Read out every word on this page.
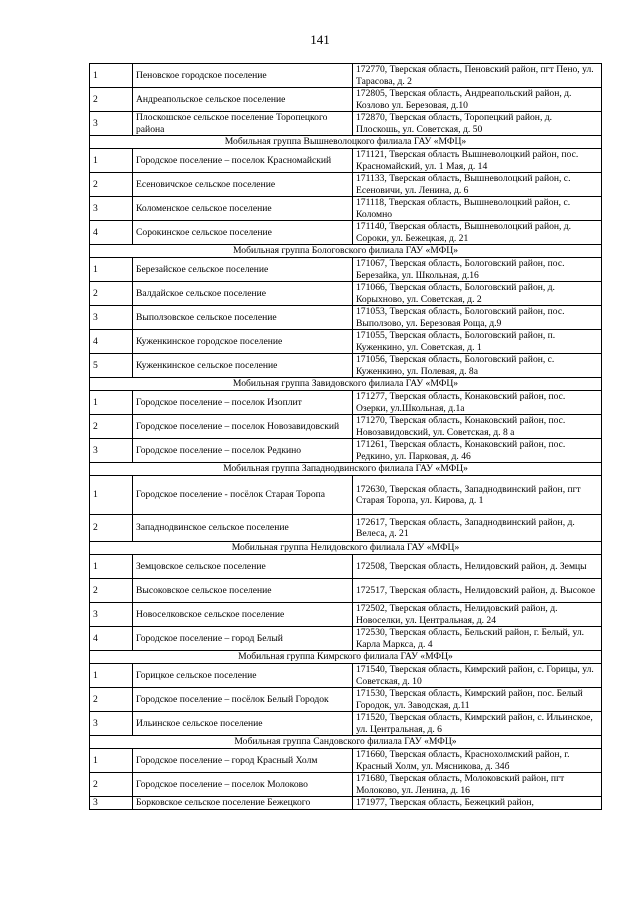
141
1	Пеновское городское поселение	172770, Тверская область, Пеновский район, пгт Пено, ул. Тарасова, д. 2
2	Андреапольское сельское поселение	172805, Тверская область, Андреапольский район, д. Козлово ул. Березовая, д.10
3	Плоскошское сельское поселение Торопецкого района	172870, Тверская область, Торопецкий район, д. Плоскошь, ул. Советская, д. 50
Мобильная группа Вышневолоцкого филиала ГАУ «МФЦ»		
1	Городское поселение – поселок Красномайский	171121, Тверская область Вышневолоцкий район, пос. Красномайский, ул. 1 Мая, д. 14
2	Есеновичское сельское поселение	171133, Тверская область, Вышневолоцкий район, с. Есеновичи, ул. Ленина, д. 6
3	Коломенское сельское поселение	171118, Тверская область, Вышневолоцкий район, с. Коломно
4	Сорокинское сельское поселение	171140, Тверская область, Вышневолоцкий район, д. Сороки, ул. Бежецкая, д. 21
Мобильная группа Бологовского филиала ГАУ «МФЦ»		
1	Березайское сельское поселение	171067, Тверская область, Бологовский район, пос. Березайка, ул. Школьная, д.16
2	Валдайское сельское поселение	171066, Тверская область, Бологовский район, д. Корыхново, ул. Советская, д. 2
3	Выползовское сельское поселение	171053, Тверская область, Бологовский район, пос. Выползово, ул. Березовая Роща, д.9
4	Куженкинское городское поселение	171055, Тверская область, Бологовский район, п. Куженкино, ул. Советская, д. 1
5	Куженкинское сельское поселение	171056, Тверская область, Бологовский район, с. Куженкино, ул. Полевая, д. 8а
Мобильная группа Завидовского филиала ГАУ «МФЦ»		
1	Городское поселение – поселок Изоплит	171277, Тверская область, Конаковский район, пос. Озерки, ул.Школьная, д.1а
2	Городское поселение – поселок Новозавидовский	171270, Тверская область, Конаковский район, пос. Новозавидовский, ул. Советская, д. 8 а
3	Городское поселение – поселок Редкино	171261, Тверская область, Конаковский район, пос. Редкино, ул. Парковая, д. 46
Мобильная группа Западнодвинского филиала ГАУ «МФЦ»		
1	Городское поселение - посёлок Старая Торопа	172630, Тверская область, Западнодвинский район, пгт Старая Торопа, ул. Кирова, д. 1
2	Западнодвинское сельское поселение	172617, Тверская область, Западнодвинский район, д. Велеса, д. 21
Мобильная группа Нелидовского филиала ГАУ «МФЦ»		
1	Земцовское сельское поселение	172508, Тверская область, Нелидовский район, д. Земцы
2	Высоковское сельское поселение	172517, Тверская область, Нелидовский район, д. Высокое
3	Новоселковское сельское поселение	172502, Тверская область, Нелидовский район, д. Новоселки, ул. Центральная, д. 24
4	Городское поселение – город Белый	172530, Тверская область, Бельский район, г. Белый, ул. Карла Маркса, д. 4
Мобильная группа Кимрского филиала ГАУ «МФЦ»		
1	Горицкое сельское поселение	171540, Тверская область, Кимрский район, с. Горицы, ул. Советская, д. 10
2	Городское поселение – посёлок Белый Городок	171530, Тверская область, Кимрский район, пос. Белый Городок, ул. Заводская, д.11
3	Ильинское сельское поселение	171520, Тверская область, Кимрский район, с. Ильинское, ул. Центральная, д. 6
Мобильная группа Сандовского филиала ГАУ «МФЦ»		
1	Городское поселение – город Красный Холм	171660, Тверская область, Краснохолмский район, г. Красный Холм, ул. Мясникова, д. 34б
2	Городское поселение – поселок Молоково	171680, Тверская область, Молоковский район, пгт Молоково, ул. Ленина, д. 16
3	Борковское сельское поселение Бежецкого	171977, Тверская область, Бежецкий район,
